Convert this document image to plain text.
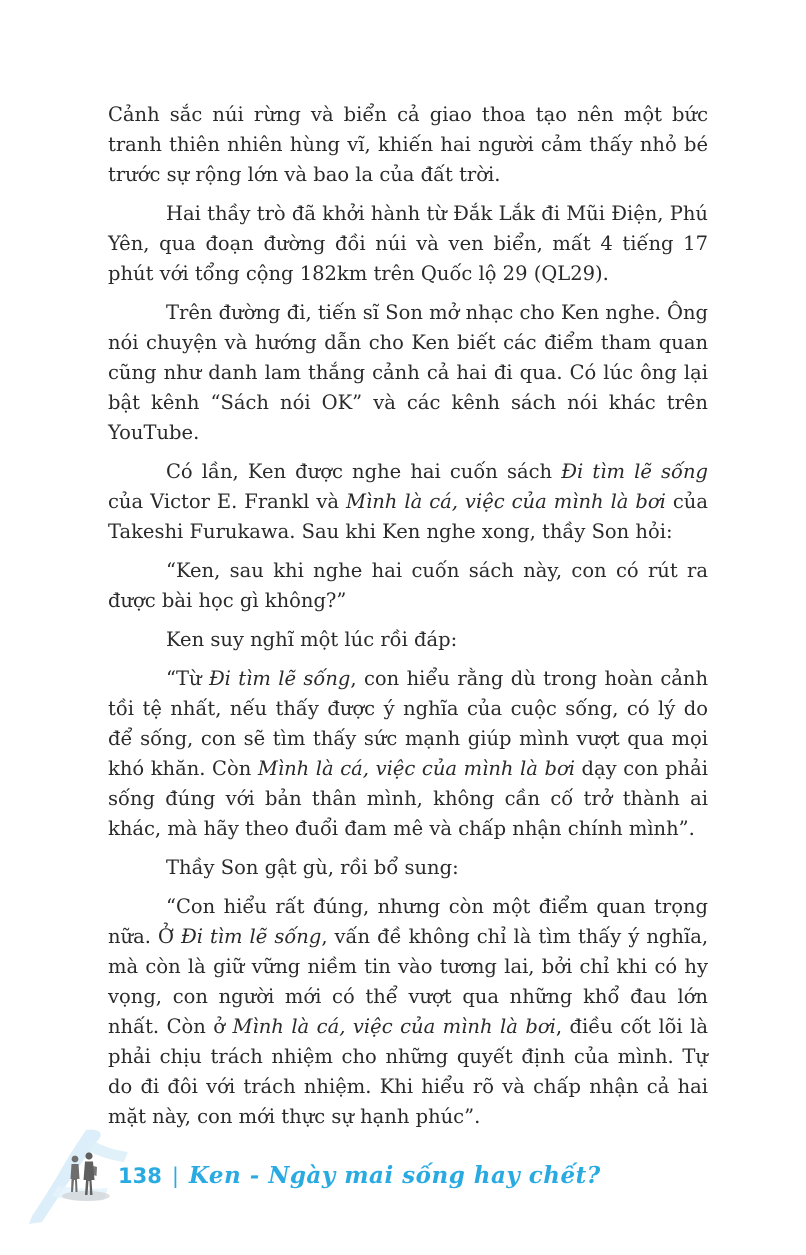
Cảnh sắc núi rừng và biển cả giao thoa tạo nên một bức tranh thiên nhiên hùng vĩ, khiến hai người cảm thấy nhỏ bé trước sự rộng lớn và bao la của đất trời.

Hai thầy trò đã khởi hành từ Đắk Lắk đi Mũi Điện, Phú Yên, qua đoạn đường đồi núi và ven biển, mất 4 tiếng 17 phút với tổng cộng 182km trên Quốc lộ 29 (QL29).

Trên đường đi, tiến sĩ Son mở nhạc cho Ken nghe. Ông nói chuyện và hướng dẫn cho Ken biết các điểm tham quan cũng như danh lam thắng cảnh cả hai đi qua. Có lúc ông lại bật kênh “Sách nói OK” và các kênh sách nói khác trên YouTube.

Có lần, Ken được nghe hai cuốn sách Đi tìm lẽ sống của Victor E. Frankl và Mình là cá, việc của mình là bơi của Takeshi Furukawa. Sau khi Ken nghe xong, thầy Son hỏi:

“Ken, sau khi nghe hai cuốn sách này, con có rút ra được bài học gì không?”

Ken suy nghĩ một lúc rồi đáp:

“Từ Đi tìm lẽ sống, con hiểu rằng dù trong hoàn cảnh tồi tệ nhất, nếu thấy được ý nghĩa của cuộc sống, có lý do để sống, con sẽ tìm thấy sức mạnh giúp mình vượt qua mọi khó khăn. Còn Mình là cá, việc của mình là bơi dạy con phải sống đúng với bản thân mình, không cần cố trở thành ai khác, mà hãy theo đuổi đam mê và chấp nhận chính mình”.

Thầy Son gật gù, rồi bổ sung:

“Con hiểu rất đúng, nhưng còn một điểm quan trọng nữa. Ở Đi tìm lẽ sống, vấn đề không chỉ là tìm thấy ý nghĩa, mà còn là giữ vững niềm tin vào tương lai, bởi chỉ khi có hy vọng, con người mới có thể vượt qua những khổ đau lớn nhất. Còn ở Mình là cá, việc của mình là bơi, điều cốt lõi là phải chịu trách nhiệm cho những quyết định của mình. Tự do đi đôi với trách nhiệm. Khi hiểu rõ và chấp nhận cả hai mặt này, con mới thực sự hạnh phúc”.

138 | Ken - Ngày mai sống hay chết?
